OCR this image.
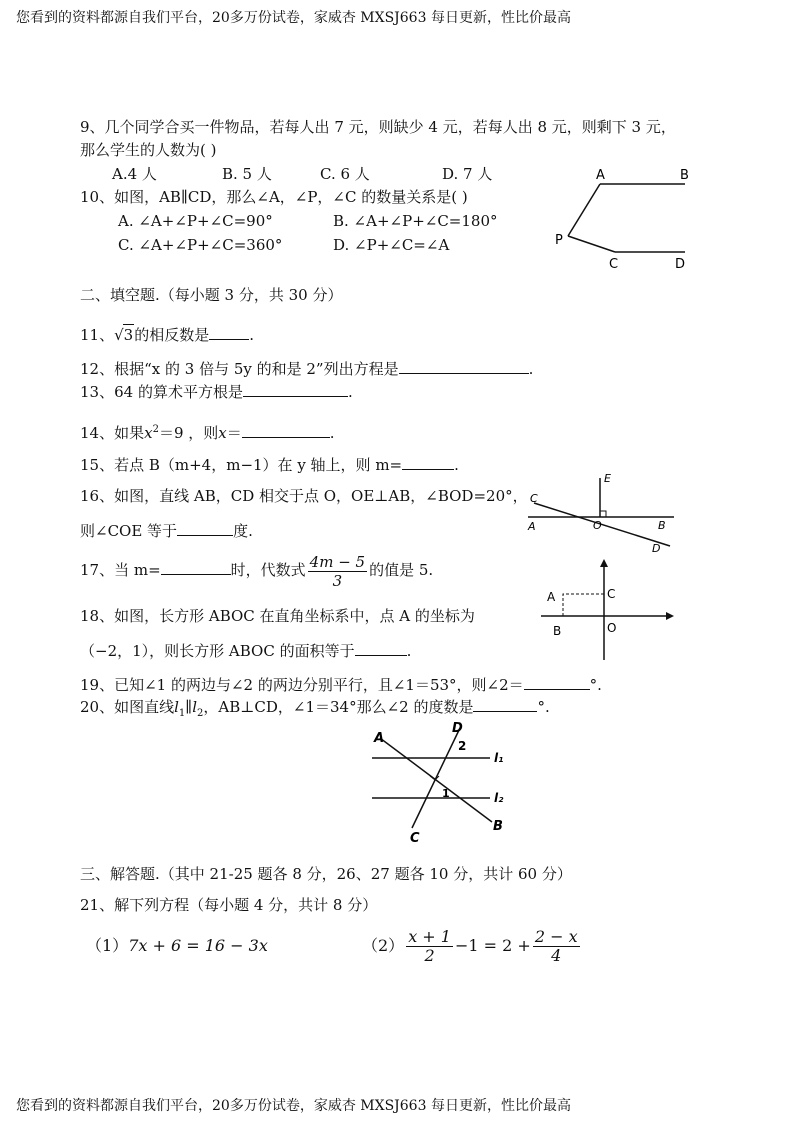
您看到的资料都源自我们平台，20多万份试卷，家威杏 MXSJ663 每日更新，性比价最高
9、几个同学合买一件物品，若每人出 7 元，则缺少 4 元，若每人出 8 元，则剩下 3 元，
那么学生的人数为( )
A.4 人	B. 5 人	C. 6 人	D. 7 人
10、如图，AB∥CD，那么∠A，∠P，∠C 的数量关系是( )
A. ∠A+∠P+∠C=90°	B. ∠A+∠P+∠C=180°
C. ∠A+∠P+∠C=360°	D. ∠P+∠C=∠A
A	B
P
C	D
二、填空题.（每小题 3 分，共 30 分）
11、√3的相反数是	.
12、根据“x 的 3 倍与 5y 的和是 2”列出方程是	.
13、64 的算术平方根是	.
14、如果$x^2=9$ ，则x＝	.
15、若点 B（m+4，m−1）在 y 轴上，则 m=	.
16、如图，直线 AB，CD 相交于点 O，OE⊥AB，∠BOD=20°，
则∠COE 等于	度.
E
C
A	O	B
D
17、当 m=	时，代数式 $\frac{4m - 5}{3}$ 的值是 5.
18、如图，长方形 ABOC 在直角坐标系中，点 A 的坐标为
（−2，1），则长方形 ABOC 的面积等于	.
A	C
B	O
19、已知∠1 的两边与∠2 的两边分别平行，且∠1＝53°，则∠2＝	°.
20、如图直线$l_1\parallel l_2$，AB⊥CD，∠1＝34°那么∠2 的度数是	°.
A
D
2
l₁
1	l₂
C
B
三、解答题.（其中 21-25 题各 8 分，26、27 题各 10 分，共计 60 分）
21、解下列方程（每小题 4 分，共计 8 分）
（1）7x + 6 = 16 − 3x	$(2) \frac{x + 1}{2} -1 = 2 + \frac{2 - x}{4}$
您看到的资料都源自我们平台，20多万份试卷，家威杏 MXSJ663 每日更新，性比价最高
